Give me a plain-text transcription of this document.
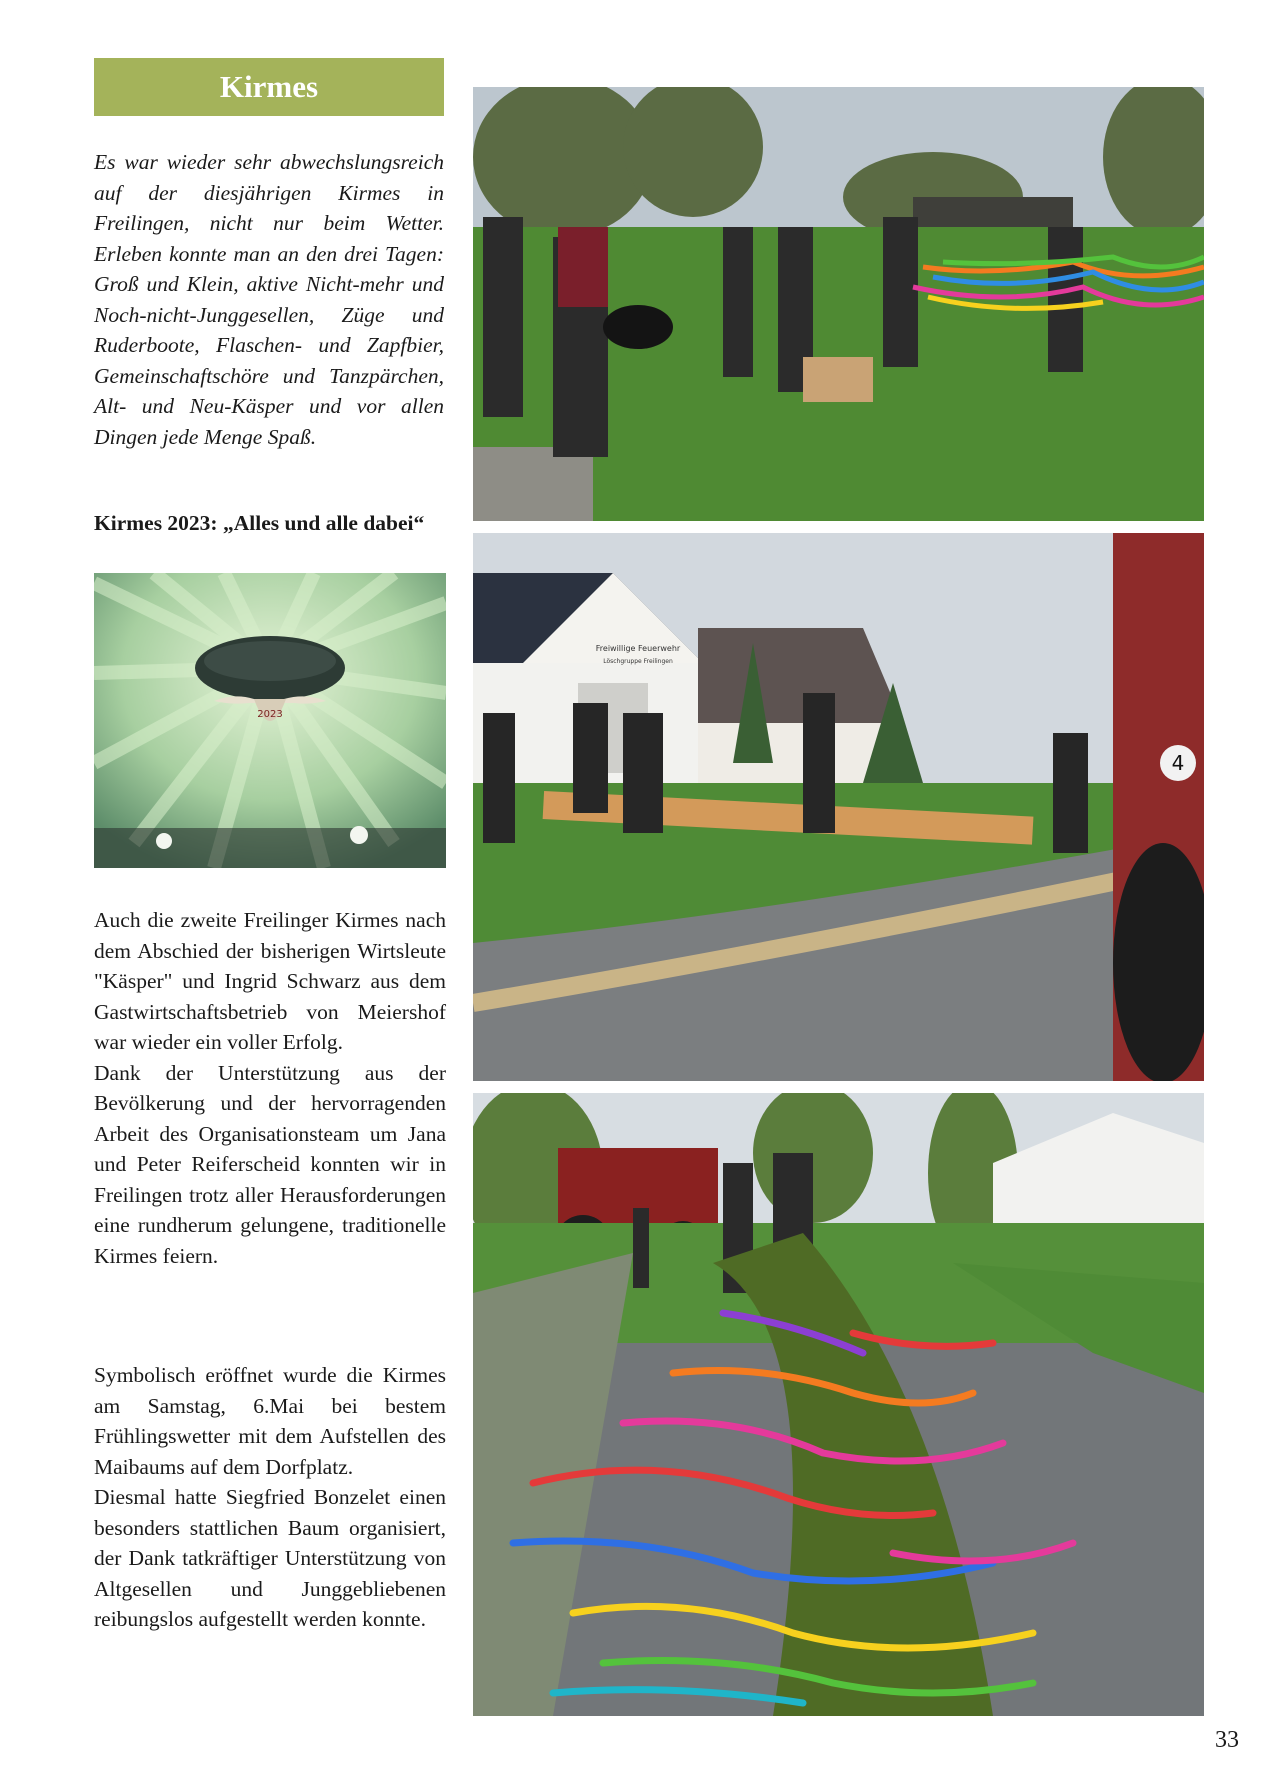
Kirmes
Es war wieder sehr abwechslungsreich auf der diesjährigen Kirmes in Freilingen, nicht nur beim Wetter. Erleben konnte man an den drei Tagen: Groß und Klein, aktive Nicht-mehr und Noch-nicht-Junggesellen, Züge und Ruderboote, Flaschen- und Zapfbier, Gemeinschaftschöre und Tanzpärchen, Alt- und Neu-Käsper und vor allen Dingen jede Menge Spaß.
Kirmes 2023: „Alles und alle dabei“
2023

Auch die zweite Freilinger Kirmes nach dem Abschied der bisherigen Wirtsleute "Käsper" und Ingrid Schwarz aus dem Gastwirtschaftsbetrieb von Meiershof war wieder ein voller Erfolg.

Dank der Unterstützung aus der Bevölkerung und der hervorragenden Arbeit des Organisationsteam um Jana und Peter Reiferscheid konnten wir in Freilingen trotz aller Herausforderungen eine rundherum gelungene, traditionelle Kirmes feiern.

Symbolisch eröffnet wurde die Kirmes am Samstag, 6.Mai bei bestem Frühlingswetter mit dem Aufstellen des Maibaums auf dem Dorfplatz.

Diesmal hatte Siegfried Bonzelet einen besonders stattlichen Baum organisiert, der Dank tatkräftiger Unterstützung von Altgesellen und Junggebliebenen reibungslos aufgestellt werden konnte.

Freiwillige Feuerwehr
Löschgruppe Freilingen
4
33
